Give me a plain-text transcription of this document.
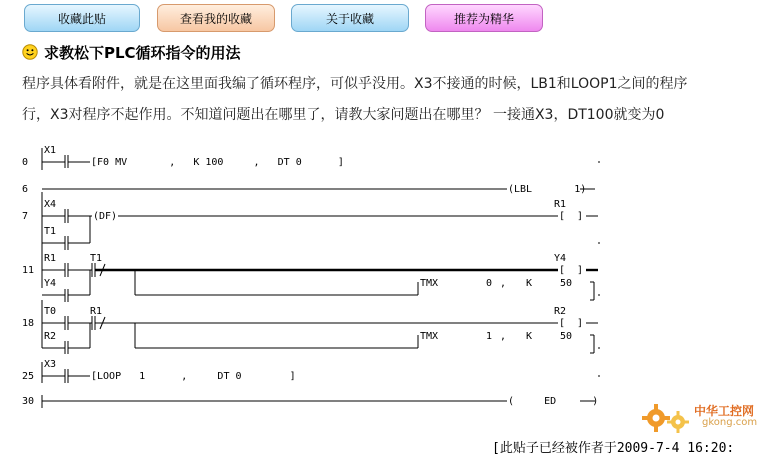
收藏此贴	查看我的收藏	关于收藏	推荐为精华
求教松下PLC循环指令的用法
程序具体看附件，就是在这里面我编了循环程序，可似乎没用。X3不接通的时候，LB1和LOOP1之间的程序
行，X3对程序不起作用。不知道问题出在哪里了，请教大家问题出在哪里？ 一接通X3，DT100就变为0
0
6
7
11
18
25
30
X1
[F0 MV       ,   K 100     ,   DT 0      ]
(LBL       1)
X4
T1
(DF)
R1
[  ]
R1
Y4
T1	Y4
[  ]
TMX	0 , K	50
T0
R2
R1	R2
[  ]
TMX	1 , K	50
X3
[LOOP   1      ,     DT 0        ]
(     ED      )
中华工控网
gkong.com
[此贴子已经被作者于2009-7-4 16:20:
